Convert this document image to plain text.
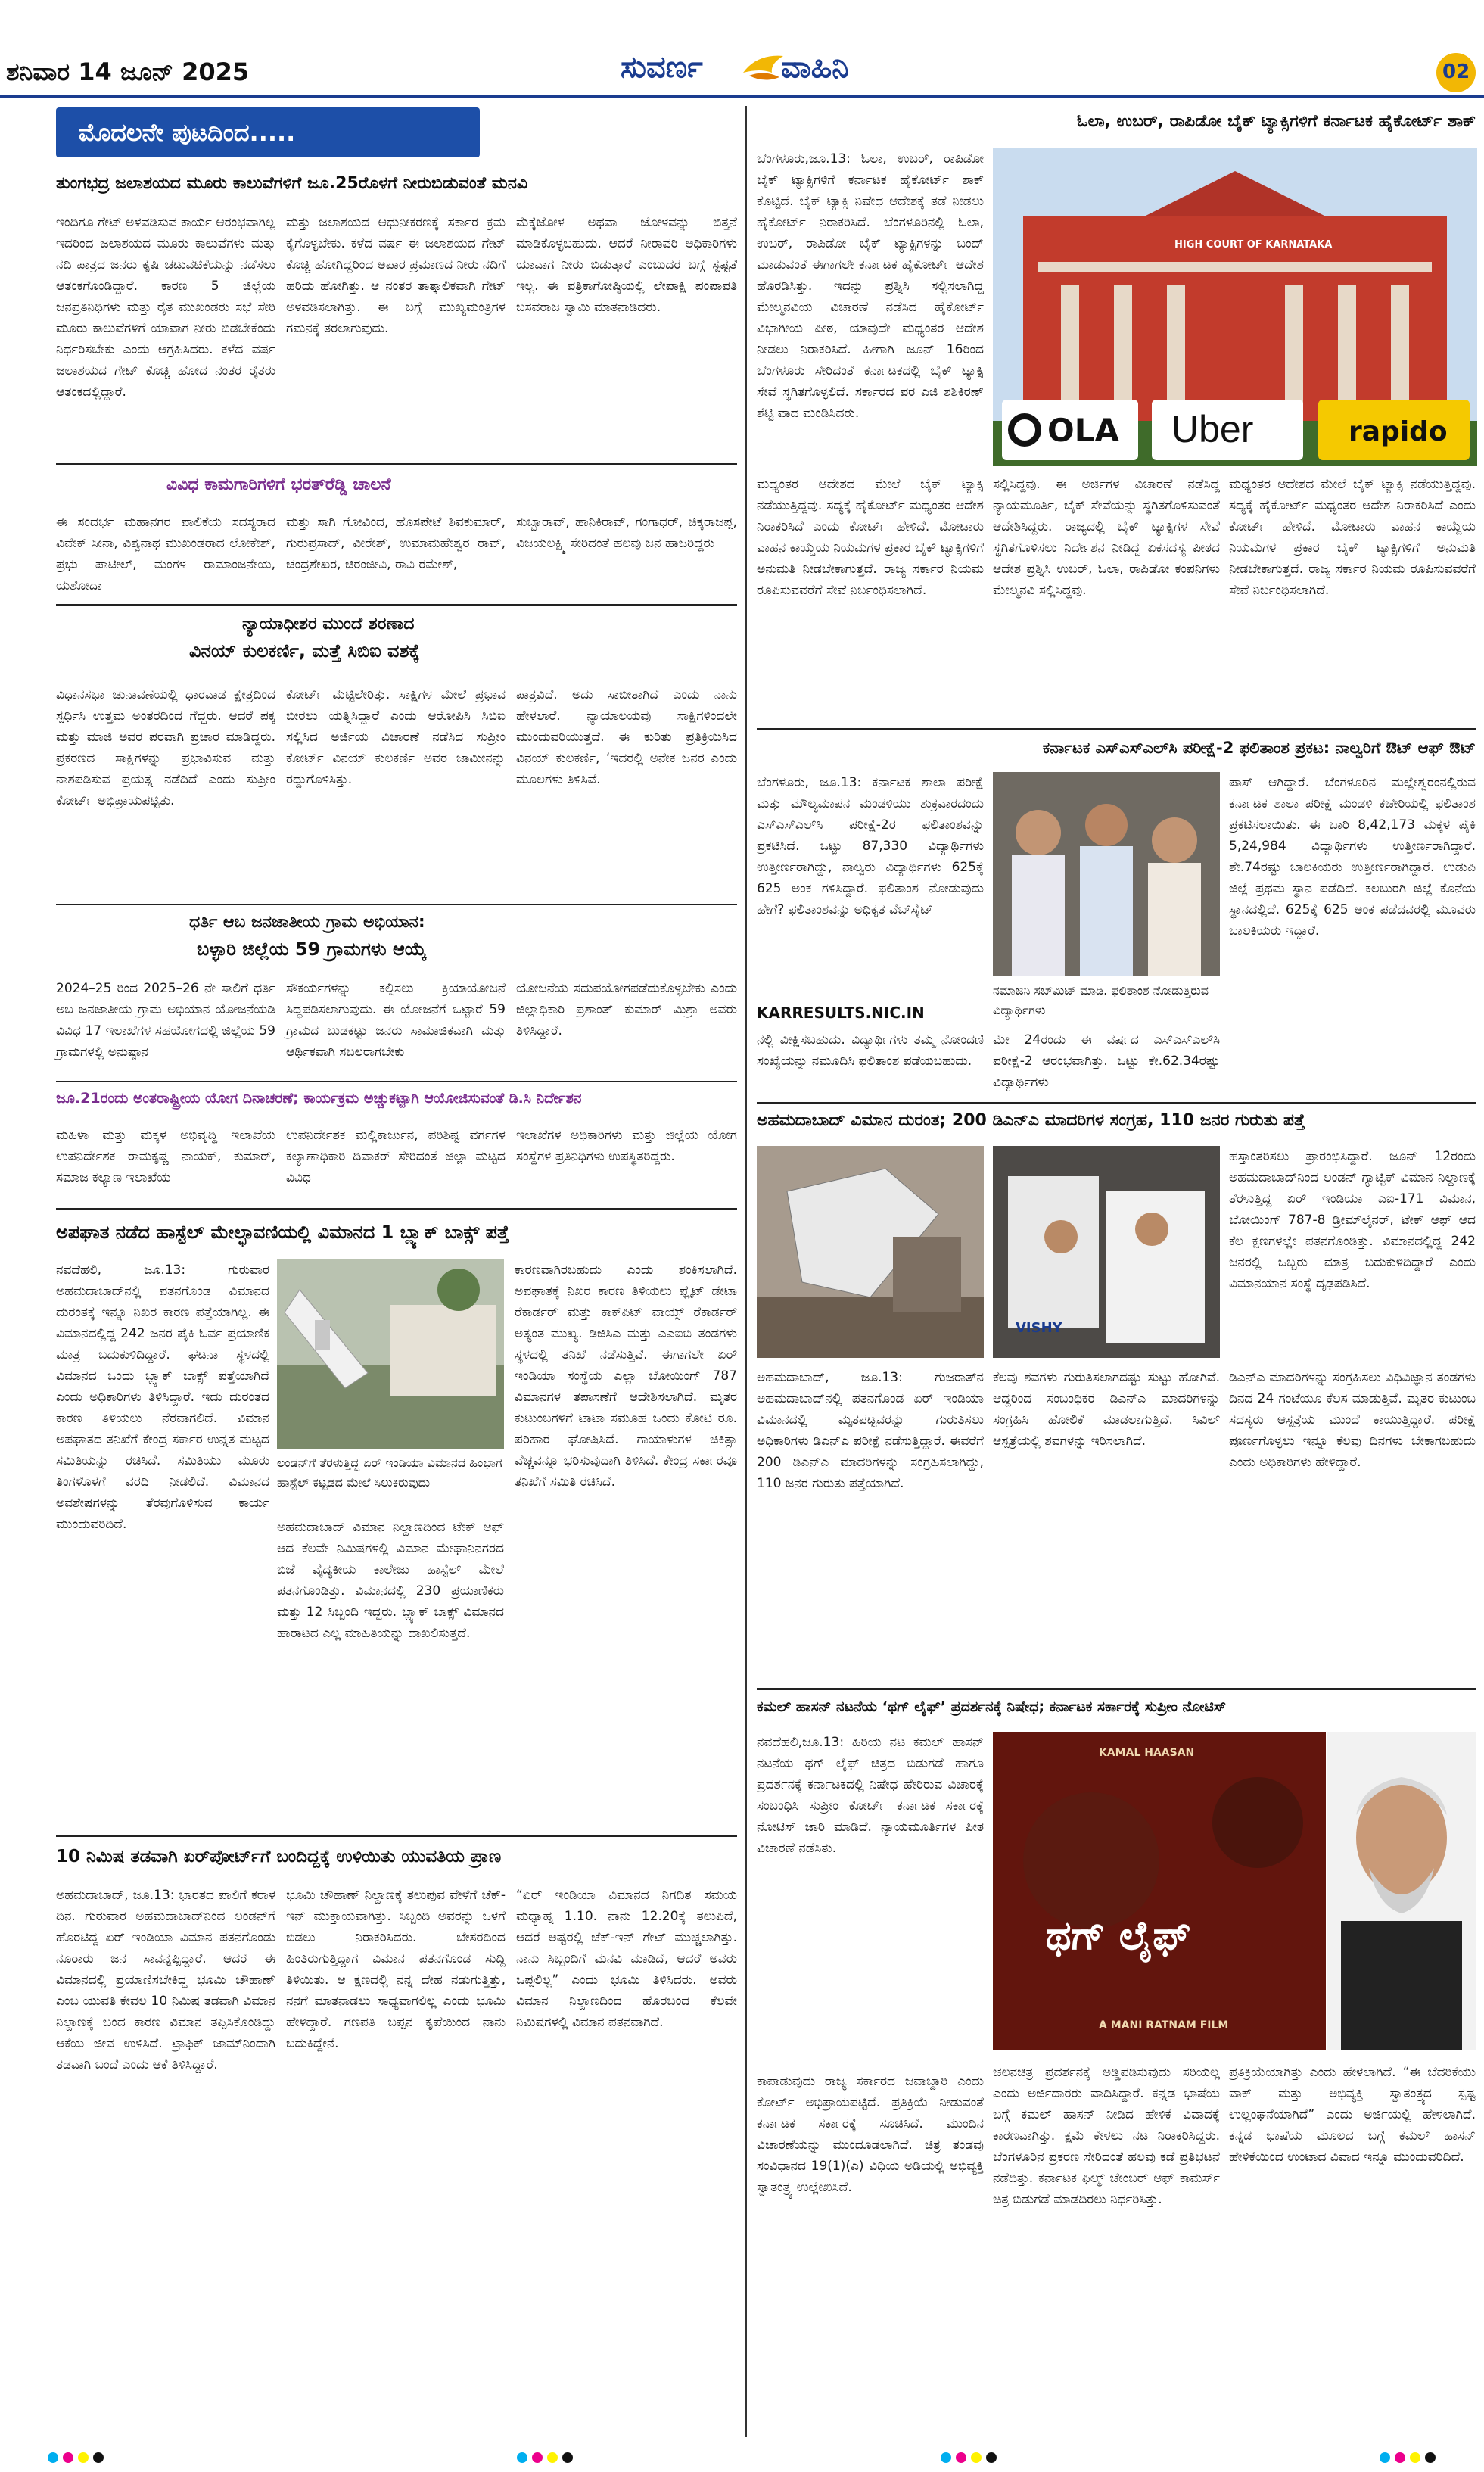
ಶನಿವಾರ 14 ಜೂನ್ 2025	ಸುವರ್ಣ	ವಾಹಿನಿ	02
ಮೊದಲನೇ ಪುಟದಿಂದ.....
ತುಂಗಭದ್ರ ಜಲಾಶಯದ ಮೂರು ಕಾಲುವೆಗಳಿಗೆ ಜೂ.25ರೊಳಗೆ ನೀರುಬಿಡುವಂತೆ ಮನವಿ
ಇಂದಿಗೂ ಗೇಟ್ ಅಳವಡಿಸುವ ಕಾರ್ಯ ಆರಂಭವಾಗಿಲ್ಲ ಇದರಿಂದ ಜಲಾಶಯದ ಮೂರು ಕಾಲುವೆಗಳು ಮತ್ತು ನದಿ ಪಾತ್ರದ ಜನರು ಕೃಷಿ ಚಟುವಟಿಕೆಯನ್ನು ನಡೆಸಲು ಆತಂಕಗೊಂಡಿದ್ದಾರೆ. ಕಾರಣ 5 ಜಿಲ್ಲೆಯ ಜನಪ್ರತಿನಿಧಿಗಳು ಮತ್ತು ರೈತ ಮುಖಂಡರು ಸಭೆ ಸೇರಿ ಮೂರು ಕಾಲುವೆಗಳಿಗೆ ಯಾವಾಗ ನೀರು ಬಿಡಬೇಕೆಂದು ನಿರ್ಧರಿಸಬೇಕು ಎಂದು ಆಗ್ರಹಿಸಿದರು. ಕಳೆದ ವರ್ಷ ಜಲಾಶಯದ ಗೇಟ್ ಕೊಚ್ಚಿ ಹೋದ ನಂತರ ರೈತರು ಆತಂಕದಲ್ಲಿದ್ದಾರೆ.
ಮತ್ತು ಜಲಾಶಯದ ಆಧುನೀಕರಣಕ್ಕೆ ಸರ್ಕಾರ ಕ್ರಮ ಕೈಗೊಳ್ಳಬೇಕು. ಕಳೆದ ವರ್ಷ ಈ ಜಲಾಶಯದ ಗೇಟ್ ಕೊಚ್ಚಿ ಹೋಗಿದ್ದರಿಂದ ಅಪಾರ ಪ್ರಮಾಣದ ನೀರು ನದಿಗೆ ಹರಿದು ಹೋಗಿತ್ತು. ಆ ನಂತರ ತಾತ್ಕಾಲಿಕವಾಗಿ ಗೇಟ್ ಅಳವಡಿಸಲಾಗಿತ್ತು. ಈ ಬಗ್ಗೆ ಮುಖ್ಯಮಂತ್ರಿಗಳ ಗಮನಕ್ಕೆ ತರಲಾಗುವುದು.
ಮೆಕ್ಕೆಜೋಳ ಅಥವಾ ಜೋಳವನ್ನು ಬಿತ್ತನೆ ಮಾಡಿಕೊಳ್ಳಬಹುದು. ಆದರೆ ನೀರಾವರಿ ಅಧಿಕಾರಿಗಳು ಯಾವಾಗ ನೀರು ಬಿಡುತ್ತಾರೆ ಎಂಬುದರ ಬಗ್ಗೆ ಸ್ಪಷ್ಟತೆ ಇಲ್ಲ. ಈ ಪತ್ರಿಕಾಗೋಷ್ಠಿಯಲ್ಲಿ ಲೇಪಾಕ್ಷಿ ಪಂಪಾಪತಿ ಬಸವರಾಜ ಸ್ವಾಮಿ ಮಾತನಾಡಿದರು.
ವಿವಿಧ ಕಾಮಗಾರಿಗಳಿಗೆ ಭರತ್‌ರೆಡ್ಡಿ ಚಾಲನೆ
ಈ ಸಂದರ್ಭ ಮಹಾನಗರ ಪಾಲಿಕೆಯ ಸದಸ್ಯರಾದ ವಿವೇಕ್ ಸೀನಾ, ವಿಶ್ವನಾಥ ಮುಖಂಡರಾದ ಲೋಕೇಶ್, ಪ್ರಭು ಪಾಟೀಲ್, ಮಂಗಳ ರಾಮಾಂಜನೇಯ, ಯಶೋದಾ
ಮತ್ತು ಸಾಗಿ ಗೋವಿಂದ, ಹೊಸಪೇಟೆ ಶಿವಕುಮಾರ್, ಗುರುಪ್ರಸಾದ್, ವೀರೇಶ್, ಉಮಾಮಹೇಶ್ವರ ರಾವ್, ಚಂದ್ರಶೇಖರ, ಚಿರಂಜೀವಿ, ರಾವಿ ರಮೇಶ್,
ಸುಬ್ಬಾರಾವ್, ಹಾನಿಕಿರಾವ್, ಗಂಗಾಧರ್, ಚಿಕ್ಕರಾಜಪ್ಪ, ವಿಜಯಲಕ್ಷ್ಮಿ ಸೇರಿದಂತೆ ಹಲವು ಜನ ಹಾಜರಿದ್ದರು
ನ್ಯಾಯಾಧೀಶರ ಮುಂದೆ ಶರಣಾದ
ವಿನಯ್ ಕುಲಕರ್ಣಿ, ಮತ್ತೆ ಸಿಬಿಐ ವಶಕ್ಕೆ
ವಿಧಾನಸಭಾ ಚುನಾವಣೆಯಲ್ಲಿ ಧಾರವಾಡ ಕ್ಷೇತ್ರದಿಂದ ಸ್ಪರ್ಧಿಸಿ ಉತ್ತಮ ಅಂತರದಿಂದ ಗೆದ್ದರು. ಆದರೆ ಪಕ್ಕ ಮತ್ತು ಮಾಜಿ ಅವರ ಪರವಾಗಿ ಪ್ರಚಾರ ಮಾಡಿದ್ದರು. ಪ್ರಕರಣದ ಸಾಕ್ಷಿಗಳನ್ನು ಪ್ರಭಾವಿಸುವ ಮತ್ತು ನಾಶಪಡಿಸುವ ಪ್ರಯತ್ನ ನಡೆದಿದೆ ಎಂದು ಸುಪ್ರೀಂ ಕೋರ್ಟ್ ಅಭಿಪ್ರಾಯಪಟ್ಟಿತು.
ಕೋರ್ಟ್ ಮೆಟ್ಟಿಲೇರಿತ್ತು. ಸಾಕ್ಷಿಗಳ ಮೇಲೆ ಪ್ರಭಾವ ಬೀರಲು ಯತ್ನಿಸಿದ್ದಾರೆ ಎಂದು ಆರೋಪಿಸಿ ಸಿಬಿಐ ಸಲ್ಲಿಸಿದ ಅರ್ಜಿಯ ವಿಚಾರಣೆ ನಡೆಸಿದ ಸುಪ್ರೀಂ ಕೋರ್ಟ್ ವಿನಯ್ ಕುಲಕರ್ಣಿ ಅವರ ಜಾಮೀನನ್ನು ರದ್ದುಗೊಳಿಸಿತ್ತು.
ಪಾತ್ರವಿದೆ. ಅದು ಸಾಬೀತಾಗಿದೆ ಎಂದು ನಾನು ಹೇಳಲಾರೆ. ನ್ಯಾಯಾಲಯವು ಸಾಕ್ಷಿಗಳಿಂದಲೇ ಮುಂದುವರಿಯುತ್ತದೆ. ಈ ಕುರಿತು ಪ್ರತಿಕ್ರಿಯಿಸಿದ ವಿನಯ್ ಕುಲಕರ್ಣಿ, ‘ಇದರಲ್ಲಿ ಅನೇಕ ಜನರ ಎಂದು ಮೂಲಗಳು ತಿಳಿಸಿವೆ.
ಧರ್ತಿ ಆಬ ಜನಜಾತೀಯ ಗ್ರಾಮ ಅಭಿಯಾನ:
ಬಳ್ಳಾರಿ ಜಿಲ್ಲೆಯ 59 ಗ್ರಾಮಗಳು ಆಯ್ಕೆ
2024–25 ರಿಂದ 2025–26 ನೇ ಸಾಲಿಗೆ ಧರ್ತಿ ಅಬ ಜನಜಾತೀಯ ಗ್ರಾಮ ಅಭಿಯಾನ ಯೋಜನೆಯಡಿ ವಿವಿಧ 17 ಇಲಾಖೆಗಳ ಸಹಯೋಗದಲ್ಲಿ ಜಿಲ್ಲೆಯ 59 ಗ್ರಾಮಗಳಲ್ಲಿ ಅನುಷ್ಠಾನ
ಸೌಕರ್ಯಗಳನ್ನು ಕಲ್ಪಿಸಲು ಕ್ರಿಯಾಯೋಜನೆ ಸಿದ್ಧಪಡಿಸಲಾಗುವುದು. ಈ ಯೋಜನೆಗೆ ಒಟ್ಟಾರೆ 59 ಗ್ರಾಮದ ಬುಡಕಟ್ಟು ಜನರು ಸಾಮಾಜಿಕವಾಗಿ ಮತ್ತು ಆರ್ಥಿಕವಾಗಿ ಸಬಲರಾಗಬೇಕು
ಯೋಜನೆಯ ಸದುಪಯೋಗಪಡೆದುಕೊಳ್ಳಬೇಕು ಎಂದು ಜಿಲ್ಲಾಧಿಕಾರಿ ಪ್ರಶಾಂತ್ ಕುಮಾರ್ ಮಿಶ್ರಾ ಅವರು ತಿಳಿಸಿದ್ದಾರೆ.
ಜೂ.21ರಂದು ಅಂತರಾಷ್ಟ್ರೀಯ ಯೋಗ ದಿನಾಚರಣೆ; ಕಾರ್ಯಕ್ರಮ ಅಚ್ಚುಕಟ್ಟಾಗಿ ಆಯೋಜಿಸುವಂತೆ ಡಿ.ಸಿ ನಿರ್ದೇಶನ
ಮಹಿಳಾ ಮತ್ತು ಮಕ್ಕಳ ಅಭಿವೃದ್ಧಿ ಇಲಾಖೆಯ ಉಪನಿರ್ದೇಶಕ ರಾಮಕೃಷ್ಣ ನಾಯಕ್, ಕುಮಾರ್, ಸಮಾಜ ಕಲ್ಯಾಣ ಇಲಾಖೆಯ
ಉಪನಿರ್ದೇಶಕ ಮಲ್ಲಿಕಾರ್ಜುನ, ಪರಿಶಿಷ್ಟ ವರ್ಗಗಳ ಕಲ್ಯಾಣಾಧಿಕಾರಿ ದಿವಾಕರ್ ಸೇರಿದಂತೆ ಜಿಲ್ಲಾ ಮಟ್ಟದ ವಿವಿಧ
ಇಲಾಖೆಗಳ ಅಧಿಕಾರಿಗಳು ಮತ್ತು ಜಿಲ್ಲೆಯ ಯೋಗ ಸಂಸ್ಥೆಗಳ ಪ್ರತಿನಿಧಿಗಳು ಉಪಸ್ಥಿತರಿದ್ದರು.
ಅಪಘಾತ ನಡೆದ ಹಾಸ್ಟೆಲ್ ಮೇಲ್ಛಾವಣಿಯಲ್ಲಿ ವಿಮಾನದ 1 ಬ್ಲ್ಯಾಕ್ ಬಾಕ್ಸ್ ಪತ್ತೆ
ನವದೆಹಲಿ, ಜೂ.13: ಗುರುವಾರ ಅಹಮದಾಬಾದ್‌ನಲ್ಲಿ ಪತನಗೊಂಡ ವಿಮಾನದ ದುರಂತಕ್ಕೆ ಇನ್ನೂ ನಿಖರ ಕಾರಣ ಪತ್ತೆಯಾಗಿಲ್ಲ. ಈ ವಿಮಾನದಲ್ಲಿದ್ದ 242 ಜನರ ಪೈಕಿ ಓರ್ವ ಪ್ರಯಾಣಿಕ ಮಾತ್ರ ಬದುಕುಳಿದಿದ್ದಾರೆ. ಘಟನಾ ಸ್ಥಳದಲ್ಲಿ ವಿಮಾನದ ಒಂದು ಬ್ಲ್ಯಾಕ್ ಬಾಕ್ಸ್ ಪತ್ತೆಯಾಗಿದೆ ಎಂದು ಅಧಿಕಾರಿಗಳು ತಿಳಿಸಿದ್ದಾರೆ. ಇದು ದುರಂತದ ಕಾರಣ ತಿಳಿಯಲು ನೆರವಾಗಲಿದೆ. ವಿಮಾನ ಅಪಘಾತದ ತನಿಖೆಗೆ ಕೇಂದ್ರ ಸರ್ಕಾರ ಉನ್ನತ ಮಟ್ಟದ ಸಮಿತಿಯನ್ನು ರಚಿಸಿದೆ. ಸಮಿತಿಯು ಮೂರು ತಿಂಗಳೊಳಗೆ ವರದಿ ನೀಡಲಿದೆ. ವಿಮಾನದ ಅವಶೇಷಗಳನ್ನು ತೆರವುಗೊಳಿಸುವ ಕಾರ್ಯ ಮುಂದುವರಿದಿದೆ.
ಲಂಡನ್‌ಗೆ ತೆರಳುತ್ತಿದ್ದ ಏರ್ ಇಂಡಿಯಾ ವಿಮಾನದ ಹಿಂಭಾಗ ಹಾಸ್ಟೆಲ್ ಕಟ್ಟಡದ ಮೇಲೆ ಸಿಲುಕಿರುವುದು
ಅಹಮದಾಬಾದ್ ವಿಮಾನ ನಿಲ್ದಾಣದಿಂದ ಟೇಕ್ ಆಫ್ ಆದ ಕೆಲವೇ ನಿಮಿಷಗಳಲ್ಲಿ ವಿಮಾನ ಮೇಘಾನಿನಗರದ ಬಿಜೆ ವೈದ್ಯಕೀಯ ಕಾಲೇಜು ಹಾಸ್ಟೆಲ್ ಮೇಲೆ ಪತನಗೊಂಡಿತ್ತು. ವಿಮಾನದಲ್ಲಿ 230 ಪ್ರಯಾಣಿಕರು ಮತ್ತು 12 ಸಿಬ್ಬಂದಿ ಇದ್ದರು. ಬ್ಲ್ಯಾಕ್ ಬಾಕ್ಸ್ ವಿಮಾನದ ಹಾರಾಟದ ಎಲ್ಲ ಮಾಹಿತಿಯನ್ನು ದಾಖಲಿಸುತ್ತದೆ.
ಕಾರಣವಾಗಿರಬಹುದು ಎಂದು ಶಂಕಿಸಲಾಗಿದೆ. ಅಪಘಾತಕ್ಕೆ ನಿಖರ ಕಾರಣ ತಿಳಿಯಲು ಫ್ಲೈಟ್ ಡೇಟಾ ರೆಕಾರ್ಡರ್ ಮತ್ತು ಕಾಕ್‌ಪಿಟ್ ವಾಯ್ಸ್ ರೆಕಾರ್ಡರ್ ಅತ್ಯಂತ ಮುಖ್ಯ. ಡಿಜಿಸಿಎ ಮತ್ತು ಎಎಐಬಿ ತಂಡಗಳು ಸ್ಥಳದಲ್ಲಿ ತನಿಖೆ ನಡೆಸುತ್ತಿವೆ. ಈಗಾಗಲೇ ಏರ್ ಇಂಡಿಯಾ ಸಂಸ್ಥೆಯ ಎಲ್ಲಾ ಬೋಯಿಂಗ್ 787 ವಿಮಾನಗಳ ತಪಾಸಣೆಗೆ ಆದೇಶಿಸಲಾಗಿದೆ. ಮೃತರ ಕುಟುಂಬಗಳಿಗೆ ಟಾಟಾ ಸಮೂಹ ಒಂದು ಕೋಟಿ ರೂ. ಪರಿಹಾರ ಘೋಷಿಸಿದೆ. ಗಾಯಾಳುಗಳ ಚಿಕಿತ್ಸಾ ವೆಚ್ಚವನ್ನೂ ಭರಿಸುವುದಾಗಿ ತಿಳಿಸಿದೆ. ಕೇಂದ್ರ ಸರ್ಕಾರವೂ ತನಿಖೆಗೆ ಸಮಿತಿ ರಚಿಸಿದೆ.
10 ನಿಮಿಷ ತಡವಾಗಿ ಏರ್‌ಪೋರ್ಟ್‌ಗೆ ಬಂದಿದ್ದಕ್ಕೆ ಉಳಿಯಿತು ಯುವತಿಯ ಪ್ರಾಣ
ಅಹಮದಾಬಾದ್, ಜೂ.13: ಭಾರತದ ಪಾಲಿಗೆ ಕರಾಳ ದಿನ. ಗುರುವಾರ ಅಹಮದಾಬಾದ್‌ನಿಂದ ಲಂಡನ್‌ಗೆ ಹೊರಟಿದ್ದ ಏರ್ ಇಂಡಿಯಾ ವಿಮಾನ ಪತನಗೊಂಡು ನೂರಾರು ಜನ ಸಾವನ್ನಪ್ಪಿದ್ದಾರೆ. ಆದರೆ ಈ ವಿಮಾನದಲ್ಲಿ ಪ್ರಯಾಣಿಸಬೇಕಿದ್ದ ಭೂಮಿ ಚೌಹಾಣ್ ಎಂಬ ಯುವತಿ ಕೇವಲ 10 ನಿಮಿಷ ತಡವಾಗಿ ವಿಮಾನ ನಿಲ್ದಾಣಕ್ಕೆ ಬಂದ ಕಾರಣ ವಿಮಾನ ತಪ್ಪಿಸಿಕೊಂಡಿದ್ದು ಆಕೆಯ ಜೀವ ಉಳಿಸಿದೆ. ಟ್ರಾಫಿಕ್ ಜಾಮ್‌ನಿಂದಾಗಿ ತಡವಾಗಿ ಬಂದೆ ಎಂದು ಆಕೆ ತಿಳಿಸಿದ್ದಾರೆ.
ಭೂಮಿ ಚೌಹಾಣ್ ನಿಲ್ದಾಣಕ್ಕೆ ತಲುಪುವ ವೇಳೆಗೆ ಚೆಕ್-ಇನ್ ಮುಕ್ತಾಯವಾಗಿತ್ತು. ಸಿಬ್ಬಂದಿ ಅವರನ್ನು ಒಳಗೆ ಬಿಡಲು ನಿರಾಕರಿಸಿದರು. ಬೇಸರದಿಂದ ಹಿಂತಿರುಗುತ್ತಿದ್ದಾಗ ವಿಮಾನ ಪತನಗೊಂಡ ಸುದ್ದಿ ತಿಳಿಯಿತು. ಆ ಕ್ಷಣದಲ್ಲಿ ನನ್ನ ದೇಹ ನಡುಗುತ್ತಿತ್ತು, ನನಗೆ ಮಾತನಾಡಲು ಸಾಧ್ಯವಾಗಲಿಲ್ಲ ಎಂದು ಭೂಮಿ ಹೇಳಿದ್ದಾರೆ. ಗಣಪತಿ ಬಪ್ಪನ ಕೃಪೆಯಿಂದ ನಾನು ಬದುಕಿದ್ದೇನೆ.
“ಏರ್ ಇಂಡಿಯಾ ವಿಮಾನದ ನಿಗದಿತ ಸಮಯ ಮಧ್ಯಾಹ್ನ 1.10. ನಾನು 12.20ಕ್ಕೆ ತಲುಪಿದೆ, ಆದರೆ ಅಷ್ಟರಲ್ಲಿ ಚೆಕ್-ಇನ್ ಗೇಟ್ ಮುಚ್ಚಲಾಗಿತ್ತು. ನಾನು ಸಿಬ್ಬಂದಿಗೆ ಮನವಿ ಮಾಡಿದೆ, ಆದರೆ ಅವರು ಒಪ್ಪಲಿಲ್ಲ” ಎಂದು ಭೂಮಿ ತಿಳಿಸಿದರು. ಅವರು ವಿಮಾನ ನಿಲ್ದಾಣದಿಂದ ಹೊರಬಂದ ಕೆಲವೇ ನಿಮಿಷಗಳಲ್ಲಿ ವಿಮಾನ ಪತನವಾಗಿದೆ.
ಓಲಾ, ಉಬರ್, ರಾಪಿಡೋ ಬೈಕ್ ಟ್ಯಾಕ್ಸಿಗಳಿಗೆ ಕರ್ನಾಟಕ ಹೈಕೋರ್ಟ್ ಶಾಕ್
ಬೆಂಗಳೂರು,ಜೂ.13: ಓಲಾ, ಉಬರ್, ರಾಪಿಡೋ ಬೈಕ್ ಟ್ಯಾಕ್ಸಿಗಳಿಗೆ ಕರ್ನಾಟಕ ಹೈಕೋರ್ಟ್ ಶಾಕ್ ಕೊಟ್ಟಿದೆ. ಬೈಕ್ ಟ್ಯಾಕ್ಸಿ ನಿಷೇಧ ಆದೇಶಕ್ಕೆ ತಡೆ ನೀಡಲು ಹೈಕೋರ್ಟ್ ನಿರಾಕರಿಸಿದೆ. ಬೆಂಗಳೂರಿನಲ್ಲಿ ಓಲಾ, ಉಬರ್, ರಾಪಿಡೋ ಬೈಕ್ ಟ್ಯಾಕ್ಸಿಗಳನ್ನು ಬಂದ್ ಮಾಡುವಂತೆ ಈಗಾಗಲೇ ಕರ್ನಾಟಕ ಹೈಕೋರ್ಟ್ ಆದೇಶ ಹೊರಡಿಸಿತ್ತು. ಇದನ್ನು ಪ್ರಶ್ನಿಸಿ ಸಲ್ಲಿಸಲಾಗಿದ್ದ ಮೇಲ್ಮನವಿಯ ವಿಚಾರಣೆ ನಡೆಸಿದ ಹೈಕೋರ್ಟ್ ವಿಭಾಗೀಯ ಪೀಠ, ಯಾವುದೇ ಮಧ್ಯಂತರ ಆದೇಶ ನೀಡಲು ನಿರಾಕರಿಸಿದೆ. ಹೀಗಾಗಿ ಜೂನ್ 16ರಿಂದ ಬೆಂಗಳೂರು ಸೇರಿದಂತೆ ಕರ್ನಾಟಕದಲ್ಲಿ ಬೈಕ್ ಟ್ಯಾಕ್ಸಿ ಸೇವೆ ಸ್ಥಗಿತಗೊಳ್ಳಲಿದೆ. ಸರ್ಕಾರದ ಪರ ಎಜಿ ಶಶಿಕಿರಣ್ ಶೆಟ್ಟಿ ವಾದ ಮಂಡಿಸಿದರು.
HIGH COURT OF KARNATAKA
OLA Uber	rapido
ಮಧ್ಯಂತರ ಆದೇಶದ ಮೇಲೆ ಬೈಕ್ ಟ್ಯಾಕ್ಸಿ ನಡೆಯುತ್ತಿದ್ದವು. ಸದ್ಯಕ್ಕೆ ಹೈಕೋರ್ಟ್ ಮಧ್ಯಂತರ ಆದೇಶ ನಿರಾಕರಿಸಿದೆ ಎಂದು ಕೋರ್ಟ್ ಹೇಳಿದೆ. ಮೋಟಾರು ವಾಹನ ಕಾಯ್ದೆಯ ನಿಯಮಗಳ ಪ್ರಕಾರ ಬೈಕ್ ಟ್ಯಾಕ್ಸಿಗಳಿಗೆ ಅನುಮತಿ ನೀಡಬೇಕಾಗುತ್ತದೆ. ರಾಜ್ಯ ಸರ್ಕಾರ ನಿಯಮ ರೂಪಿಸುವವರೆಗೆ ಸೇವೆ ನಿರ್ಬಂಧಿಸಲಾಗಿದೆ.
ಸಲ್ಲಿಸಿದ್ದವು. ಈ ಅರ್ಜಿಗಳ ವಿಚಾರಣೆ ನಡೆಸಿದ್ದ ನ್ಯಾಯಮೂರ್ತಿ, ಬೈಕ್ ಸೇವೆಯನ್ನು ಸ್ಥಗಿತಗೊಳಿಸುವಂತೆ ಆದೇಶಿಸಿದ್ದರು. ರಾಜ್ಯದಲ್ಲಿ ಬೈಕ್ ಟ್ಯಾಕ್ಸಿಗಳ ಸೇವೆ ಸ್ಥಗಿತಗೊಳಿಸಲು ನಿರ್ದೇಶನ ನೀಡಿದ್ದ ಏಕಸದಸ್ಯ ಪೀಠದ ಆದೇಶ ಪ್ರಶ್ನಿಸಿ ಉಬರ್, ಓಲಾ, ರಾಪಿಡೋ ಕಂಪನಿಗಳು ಮೇಲ್ಮನವಿ ಸಲ್ಲಿಸಿದ್ದವು.
ಮಧ್ಯಂತರ ಆದೇಶದ ಮೇಲೆ ಬೈಕ್ ಟ್ಯಾಕ್ಸಿ ನಡೆಯುತ್ತಿದ್ದವು. ಸದ್ಯಕ್ಕೆ ಹೈಕೋರ್ಟ್ ಮಧ್ಯಂತರ ಆದೇಶ ನಿರಾಕರಿಸಿದೆ ಎಂದು ಕೋರ್ಟ್ ಹೇಳಿದೆ. ಮೋಟಾರು ವಾಹನ ಕಾಯ್ದೆಯ ನಿಯಮಗಳ ಪ್ರಕಾರ ಬೈಕ್ ಟ್ಯಾಕ್ಸಿಗಳಿಗೆ ಅನುಮತಿ ನೀಡಬೇಕಾಗುತ್ತದೆ. ರಾಜ್ಯ ಸರ್ಕಾರ ನಿಯಮ ರೂಪಿಸುವವರೆಗೆ ಸೇವೆ ನಿರ್ಬಂಧಿಸಲಾಗಿದೆ.
ಕರ್ನಾಟಕ ಎಸ್‌ಎಸ್‌ಎಲ್‌ಸಿ ಪರೀಕ್ಷೆ-2 ಫಲಿತಾಂಶ ಪ್ರಕಟ: ನಾಲ್ವರಿಗೆ ಔಟ್ ಆಫ್ ಔಟ್
ಬೆಂಗಳೂರು, ಜೂ.13: ಕರ್ನಾಟಕ ಶಾಲಾ ಪರೀಕ್ಷೆ ಮತ್ತು ಮೌಲ್ಯಮಾಪನ ಮಂಡಳಿಯು ಶುಕ್ರವಾರದಂದು ಎಸ್‌ಎಸ್‌ಎಲ್‌ಸಿ ಪರೀಕ್ಷೆ-2ರ ಫಲಿತಾಂಶವನ್ನು ಪ್ರಕಟಿಸಿದೆ. ಒಟ್ಟು 87,330 ವಿದ್ಯಾರ್ಥಿಗಳು ಉತ್ತೀರ್ಣರಾಗಿದ್ದು, ನಾಲ್ವರು ವಿದ್ಯಾರ್ಥಿಗಳು 625ಕ್ಕೆ 625 ಅಂಕ ಗಳಿಸಿದ್ದಾರೆ. ಫಲಿತಾಂಶ ನೋಡುವುದು ಹೇಗೆ? ಫಲಿತಾಂಶವನ್ನು ಅಧಿಕೃತ ವೆಬ್‌ಸೈಟ್
KARRESULTS.NIC.IN
ನಲ್ಲಿ ವೀಕ್ಷಿಸಬಹುದು. ವಿದ್ಯಾರ್ಥಿಗಳು ತಮ್ಮ ನೋಂದಣಿ ಸಂಖ್ಯೆಯನ್ನು ನಮೂದಿಸಿ ಫಲಿತಾಂಶ ಪಡೆಯಬಹುದು.
ನಮಾಜಿನಿ ಸಬ್‌ಮಿಟ್ ಮಾಡಿ. ಫಲಿತಾಂಶ ನೋಡುತ್ತಿರುವ ವಿದ್ಯಾರ್ಥಿಗಳು
ಮೇ 24ರಂದು ಈ ವರ್ಷದ ಎಸ್‌ಎಸ್‌ಎಲ್‌ಸಿ ಪರೀಕ್ಷೆ-2 ಆರಂಭವಾಗಿತ್ತು. ಒಟ್ಟು ಕೇ.62.34ರಷ್ಟು ವಿದ್ಯಾರ್ಥಿಗಳು
ಪಾಸ್ ಆಗಿದ್ದಾರೆ. ಬೆಂಗಳೂರಿನ ಮಲ್ಲೇಶ್ವರಂನಲ್ಲಿರುವ ಕರ್ನಾಟಕ ಶಾಲಾ ಪರೀಕ್ಷೆ ಮಂಡಳಿ ಕಚೇರಿಯಲ್ಲಿ ಫಲಿತಾಂಶ ಪ್ರಕಟಿಸಲಾಯಿತು. ಈ ಬಾರಿ 8,42,173 ಮಕ್ಕಳ ಪೈಕಿ 5,24,984 ವಿದ್ಯಾರ್ಥಿಗಳು ಉತ್ತೀರ್ಣರಾಗಿದ್ದಾರೆ. ಶೇ.74ರಷ್ಟು ಬಾಲಕಿಯರು ಉತ್ತೀರ್ಣರಾಗಿದ್ದಾರೆ. ಉಡುಪಿ ಜಿಲ್ಲೆ ಪ್ರಥಮ ಸ್ಥಾನ ಪಡೆದಿದೆ. ಕಲಬುರಗಿ ಜಿಲ್ಲೆ ಕೊನೆಯ ಸ್ಥಾನದಲ್ಲಿದೆ. 625ಕ್ಕೆ 625 ಅಂಕ ಪಡೆದವರಲ್ಲಿ ಮೂವರು ಬಾಲಕಿಯರು ಇದ್ದಾರೆ.
ಅಹಮದಾಬಾದ್ ವಿಮಾನ ದುರಂತ; 200 ಡಿಎನ್‌ಎ ಮಾದರಿಗಳ ಸಂಗ್ರಹ, 110 ಜನರ ಗುರುತು ಪತ್ತೆ
VISHY
ಹಸ್ತಾಂತರಿಸಲು ಪ್ರಾರಂಭಿಸಿದ್ದಾರೆ. ಜೂನ್ 12ರಂದು ಅಹಮದಾಬಾದ್‌ನಿಂದ ಲಂಡನ್ ಗ್ಯಾಟ್ವಿಕ್ ವಿಮಾನ ನಿಲ್ದಾಣಕ್ಕೆ ತೆರಳುತ್ತಿದ್ದ ಏರ್ ಇಂಡಿಯಾ ಎಐ-171 ವಿಮಾನ, ಬೋಯಿಂಗ್ 787-8 ಡ್ರೀಮ್‌ಲೈನರ್, ಟೇಕ್ ಆಫ್ ಆದ ಕೆಲ ಕ್ಷಣಗಳಲ್ಲೇ ಪತನಗೊಂಡಿತ್ತು. ವಿಮಾನದಲ್ಲಿದ್ದ 242 ಜನರಲ್ಲಿ ಒಬ್ಬರು ಮಾತ್ರ ಬದುಕುಳಿದಿದ್ದಾರೆ ಎಂದು ವಿಮಾನಯಾನ ಸಂಸ್ಥೆ ದೃಢಪಡಿಸಿದೆ.
ಅಹಮದಾಬಾದ್, ಜೂ.13: ಗುಜರಾತ್‌ನ ಅಹಮದಾಬಾದ್‌ನಲ್ಲಿ ಪತನಗೊಂಡ ಏರ್ ಇಂಡಿಯಾ ವಿಮಾನದಲ್ಲಿ ಮೃತಪಟ್ಟವರನ್ನು ಗುರುತಿಸಲು ಅಧಿಕಾರಿಗಳು ಡಿಎನ್‌ಎ ಪರೀಕ್ಷೆ ನಡೆಸುತ್ತಿದ್ದಾರೆ. ಈವರೆಗೆ 200 ಡಿಎನ್‌ಎ ಮಾದರಿಗಳನ್ನು ಸಂಗ್ರಹಿಸಲಾಗಿದ್ದು, 110 ಜನರ ಗುರುತು ಪತ್ತೆಯಾಗಿದೆ.
ಕೆಲವು ಶವಗಳು ಗುರುತಿಸಲಾಗದಷ್ಟು ಸುಟ್ಟು ಹೋಗಿವೆ. ಆದ್ದರಿಂದ ಸಂಬಂಧಿಕರ ಡಿಎನ್‌ಎ ಮಾದರಿಗಳನ್ನು ಸಂಗ್ರಹಿಸಿ ಹೋಲಿಕೆ ಮಾಡಲಾಗುತ್ತಿದೆ. ಸಿವಿಲ್ ಆಸ್ಪತ್ರೆಯಲ್ಲಿ ಶವಗಳನ್ನು ಇರಿಸಲಾಗಿದೆ.
ಡಿಎನ್‌ಎ ಮಾದರಿಗಳನ್ನು ಸಂಗ್ರಹಿಸಲು ವಿಧಿವಿಜ್ಞಾನ ತಂಡಗಳು ದಿನದ 24 ಗಂಟೆಯೂ ಕೆಲಸ ಮಾಡುತ್ತಿವೆ. ಮೃತರ ಕುಟುಂಬ ಸದಸ್ಯರು ಆಸ್ಪತ್ರೆಯ ಮುಂದೆ ಕಾಯುತ್ತಿದ್ದಾರೆ. ಪರೀಕ್ಷೆ ಪೂರ್ಣಗೊಳ್ಳಲು ಇನ್ನೂ ಕೆಲವು ದಿನಗಳು ಬೇಕಾಗಬಹುದು ಎಂದು ಅಧಿಕಾರಿಗಳು ಹೇಳಿದ್ದಾರೆ.
ಕಮಲ್ ಹಾಸನ್ ನಟನೆಯ ‘ಥಗ್ ಲೈಫ್’ ಪ್ರದರ್ಶನಕ್ಕೆ ನಿಷೇಧ; ಕರ್ನಾಟಕ ಸರ್ಕಾರಕ್ಕೆ ಸುಪ್ರೀಂ ನೋಟಿಸ್
ನವದೆಹಲಿ,ಜೂ.13: ಹಿರಿಯ ನಟ ಕಮಲ್ ಹಾಸನ್ ನಟನೆಯ ಥಗ್ ಲೈಫ್ ಚಿತ್ರದ ಬಿಡುಗಡೆ ಹಾಗೂ ಪ್ರದರ್ಶನಕ್ಕೆ ಕರ್ನಾಟಕದಲ್ಲಿ ನಿಷೇಧ ಹೇರಿರುವ ವಿಚಾರಕ್ಕೆ ಸಂಬಂಧಿಸಿ ಸುಪ್ರೀಂ ಕೋರ್ಟ್ ಕರ್ನಾಟಕ ಸರ್ಕಾರಕ್ಕೆ ನೋಟಿಸ್ ಜಾರಿ ಮಾಡಿದೆ. ನ್ಯಾಯಮೂರ್ತಿಗಳ ಪೀಠ ವಿಚಾರಣೆ ನಡೆಸಿತು.
KAMAL HAASAN
ಥಗ್ ಲೈಫ್
A MANI RATNAM FILM
ಚಲನಚಿತ್ರ ಪ್ರದರ್ಶನಕ್ಕೆ ಅಡ್ಡಿಪಡಿಸುವುದು ಸರಿಯಲ್ಲ ಎಂದು ಅರ್ಜಿದಾರರು ವಾದಿಸಿದ್ದಾರೆ. ಕನ್ನಡ ಭಾಷೆಯ ಬಗ್ಗೆ ಕಮಲ್ ಹಾಸನ್ ನೀಡಿದ ಹೇಳಿಕೆ ವಿವಾದಕ್ಕೆ ಕಾರಣವಾಗಿತ್ತು. ಕ್ಷಮೆ ಕೇಳಲು ನಟ ನಿರಾಕರಿಸಿದ್ದರು. ಬೆಂಗಳೂರಿನ ಪ್ರಕರಣ ಸೇರಿದಂತೆ ಹಲವು ಕಡೆ ಪ್ರತಿಭಟನೆ ನಡೆದಿತ್ತು. ಕರ್ನಾಟಕ ಫಿಲ್ಮ್ ಚೇಂಬರ್ ಆಫ್ ಕಾಮರ್ಸ್ ಚಿತ್ರ ಬಿಡುಗಡೆ ಮಾಡದಿರಲು ನಿರ್ಧರಿಸಿತ್ತು.
ಕಾಪಾಡುವುದು ರಾಜ್ಯ ಸರ್ಕಾರದ ಜವಾಬ್ದಾರಿ ಎಂದು ಕೋರ್ಟ್ ಅಭಿಪ್ರಾಯಪಟ್ಟಿದೆ. ಪ್ರತಿಕ್ರಿಯೆ ನೀಡುವಂತೆ ಕರ್ನಾಟಕ ಸರ್ಕಾರಕ್ಕೆ ಸೂಚಿಸಿದೆ. ಮುಂದಿನ ವಿಚಾರಣೆಯನ್ನು ಮುಂದೂಡಲಾಗಿದೆ. ಚಿತ್ರ ತಂಡವು ಸಂವಿಧಾನದ 19(1)(ಎ) ವಿಧಿಯ ಅಡಿಯಲ್ಲಿ ಅಭಿವ್ಯಕ್ತಿ ಸ್ವಾತಂತ್ರ್ಯ ಉಲ್ಲೇಖಿಸಿದೆ.
ಪ್ರತಿಕ್ರಿಯೆಯಾಗಿತ್ತು ಎಂದು ಹೇಳಲಾಗಿದೆ. “ಈ ಬೆದರಿಕೆಯು ವಾಕ್ ಮತ್ತು ಅಭಿವ್ಯಕ್ತಿ ಸ್ವಾತಂತ್ರ್ಯದ ಸ್ಪಷ್ಟ ಉಲ್ಲಂಘನೆಯಾಗಿದೆ” ಎಂದು ಅರ್ಜಿಯಲ್ಲಿ ಹೇಳಲಾಗಿದೆ. ಕನ್ನಡ ಭಾಷೆಯ ಮೂಲದ ಬಗ್ಗೆ ಕಮಲ್ ಹಾಸನ್ ಹೇಳಿಕೆಯಿಂದ ಉಂಟಾದ ವಿವಾದ ಇನ್ನೂ ಮುಂದುವರಿದಿದೆ.
